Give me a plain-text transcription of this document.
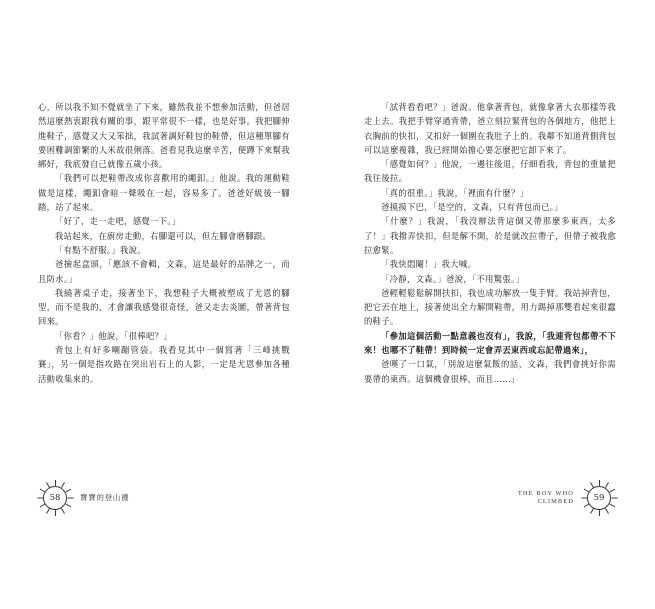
心，所以我不知不覺就坐了下來，雖然我並不想參加活動，但爸居然這麼熱衷跟我有關的事，跟平常很不一樣，也是好事。我把腳伸進鞋子，感覺又大又笨拙，我試著調好鞋包的鞋帶，但這種單腳有要困難調節繁的人米故很俐落。爸看見我這麼辛苦，便蹲下來幫我綁好，我底發自己就像五歲小孩。

「我們可以把鞋帶改成你喜歡用的繩釦。」他說。我的運動鞋做是這樣，繩釦會暗一聲吸在一起，容易多了。爸爸好級後一腳踏，站了起來。

「好了，走一走吧，感覺一下。」

我站起來，在廚房走動，右腳還可以，但左腳會磨腳跟。

「有點不舒服。」我說。

爸撿起盒頭，「應該不會輯，文森，這是最好的品牌之一，而且防水。」

我繞著桌子走，接著坐下，我想鞋子大概被塑成了尤恩的腳型，而不是我的，才會讓我感覺很奇怪，爸又走去炎圖，帶著背包回來。

「你看？」他說，「很棒吧？」

背包上有好多嘲蹦管袋。我看見其中一個寫著「三峰挑戰賽」，另一個是指攻路在突出岩石上的人影，一定是尤恩參加各種活動收集來的。

58	寶寶的登山襪

「試背看看吧？」爸說。他拿著背包，就像拿著大衣那樣等我走上去。我把手臂穿過背帶，爸立刻拉緊背包的各個地方，他把上衣胸前的快扣，又扣好一個圍在我肚子上的。我鄰不知道背側背包可以這麼複雜，我已經開始擔心要怎麼把它卸下來了。

「感覺如何？」他說，一邊往後退，仔細看我，背包的重量把我往後拉。

「真的很重。」我說，「裡面有什麼？」

爸摸摸下巴，「是空的，文森，只有背包而已。」

「什麼？」我說，「我沒辦法背這個又帶那麼多東西，太多了！」我撥弄快扣，但是解不開，於是就改拉帶子，但帶子被我愈拉愈緊。

「我快悶閹！」我大喊。

「冷靜，文森。」爸說，「不用驚張。」

爸輕輕鬆鬆解開扶扣，我也成功解放一隻手臂。我站掉背包，把它丟在地上，接著使出全力解開鞋帶，用力踢掉那雙看起來很蠢的鞋子。

「參加這個活動一點意義也沒有」，我說，「我連背包都帶不下來！也哪不了鞋帶！到時候一定會弄丟東西或忘記帶過來」，

爸嘆了一口氣，「別說這麼氣餒的話，文森，我們會挑好你需要帶的東西。這個機會很棒，而且……」

59
THE BOY WHO
CLIMBED
